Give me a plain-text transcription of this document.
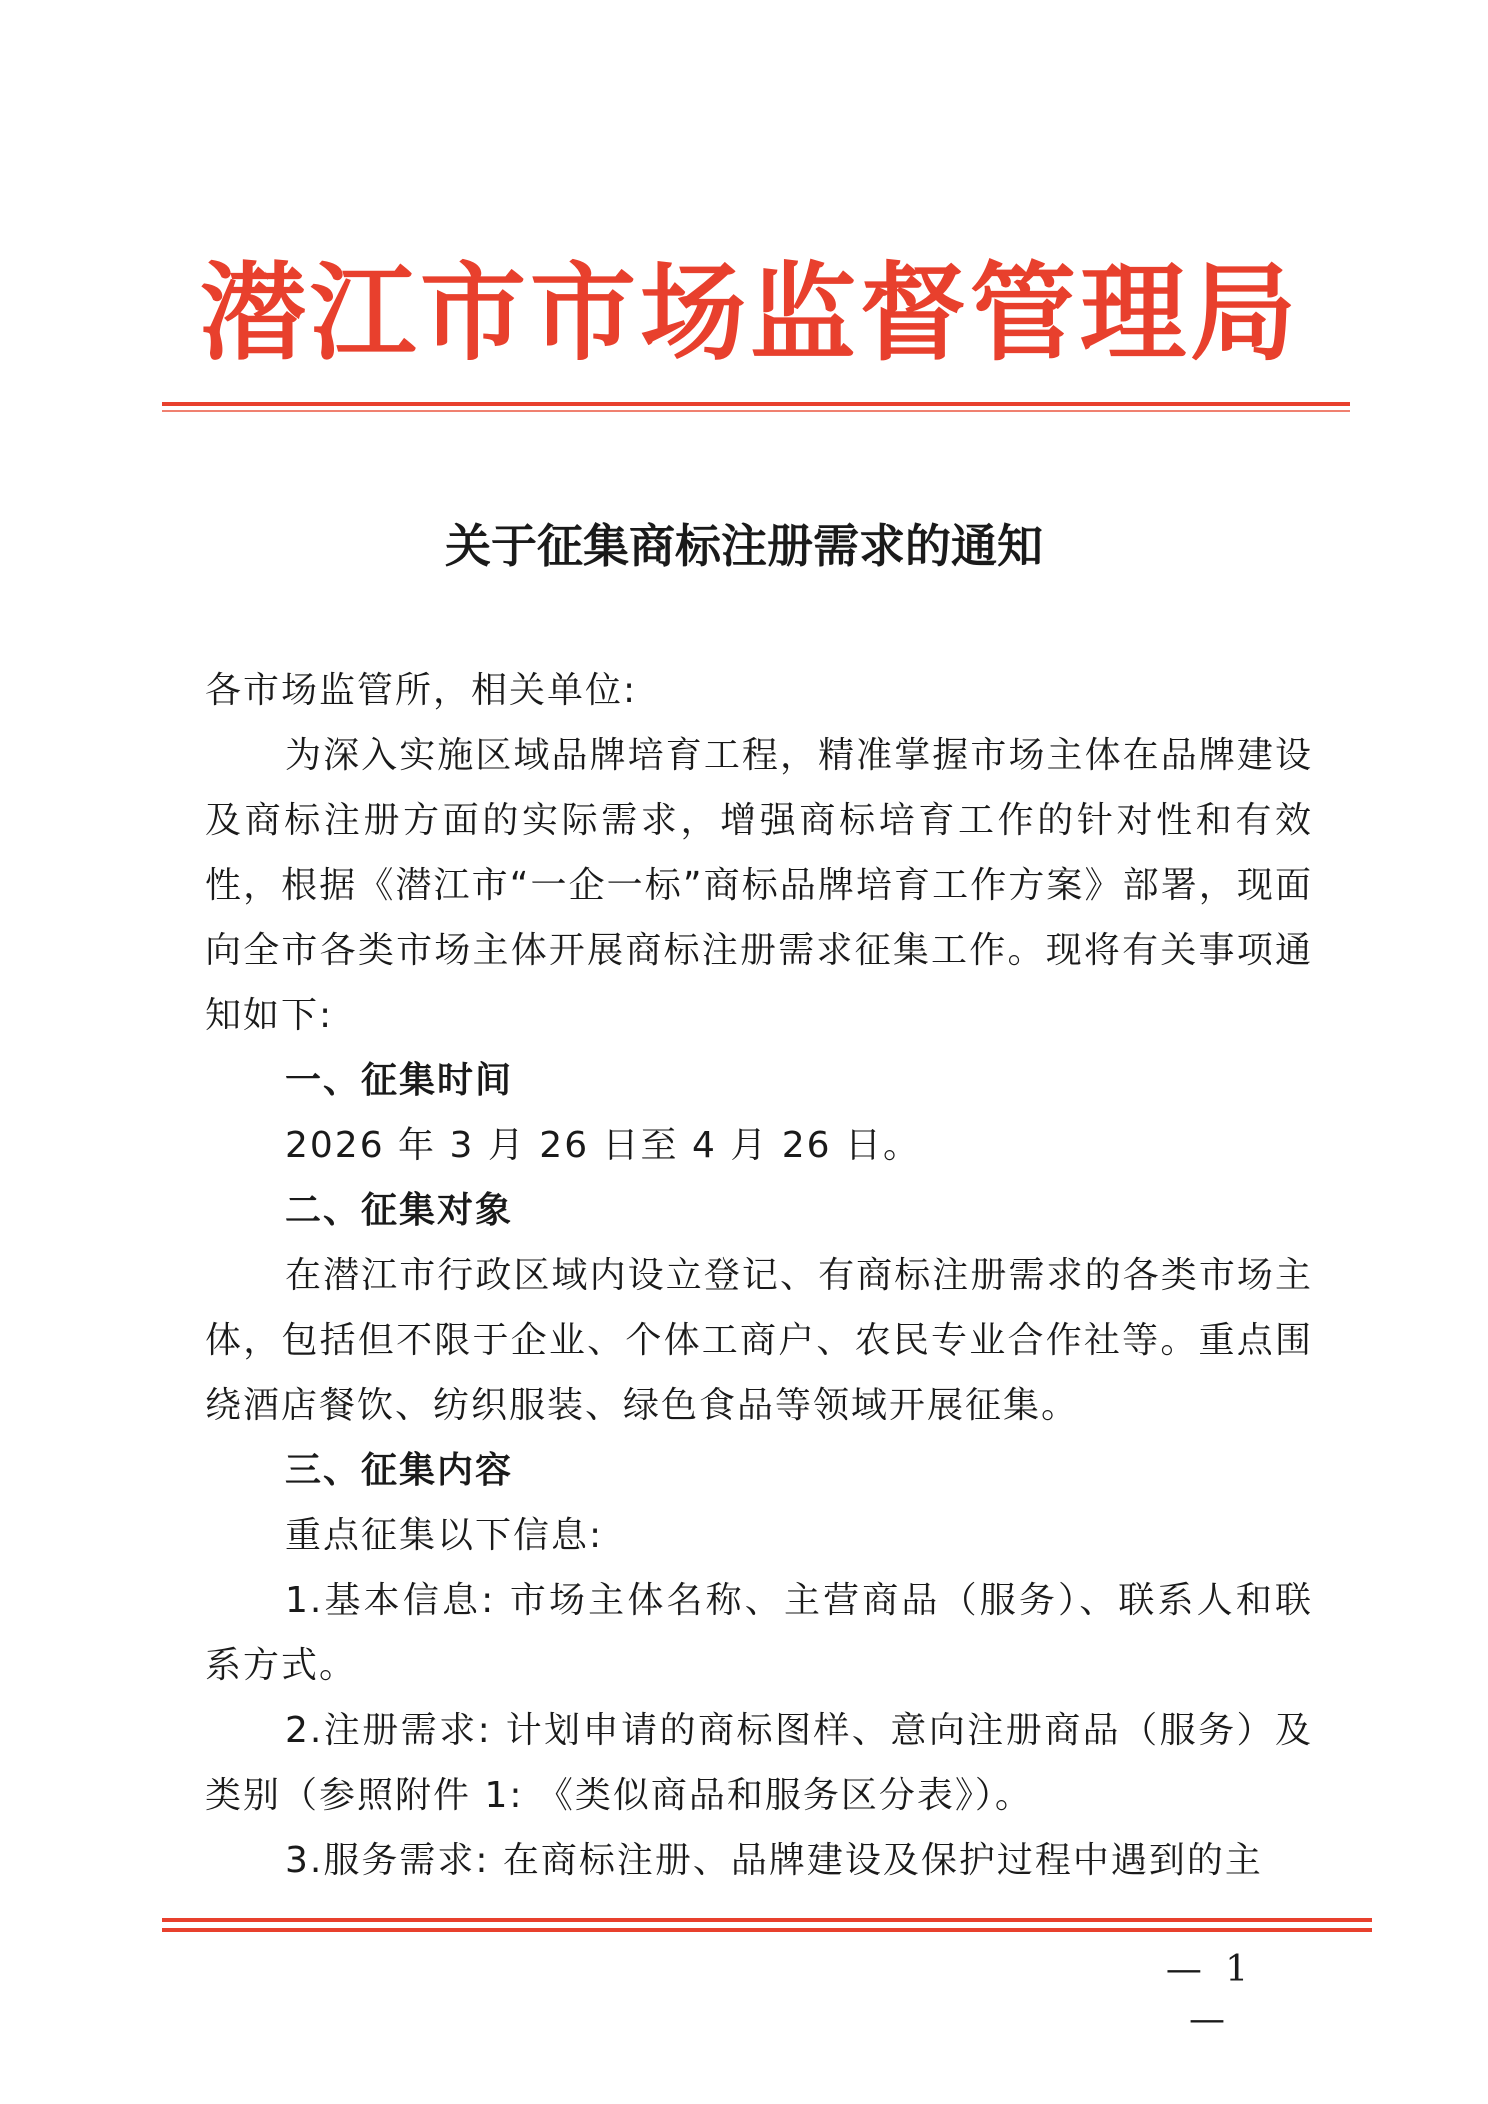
潜江市市场监督管理局
关于征集商标注册需求的通知

各市场监管所，相关单位:

为深入实施区域品牌培育工程，精准掌握市场主体在品牌建设及商标注册方面的实际需求，增强商标培育工作的针对性和有效性，根据《潜江市“一企一标”商标品牌培育工作方案》部署，现面向全市各类市场主体开展商标注册需求征集工作。现将有关事项通知如下:

一、征集时间

2026 年 3 月 26 日至 4 月 26 日。

二、征集对象

在潜江市行政区域内设立登记、有商标注册需求的各类市场主体，包括但不限于企业、个体工商户、农民专业合作社等。重点围绕酒店餐饮、纺织服装、绿色食品等领域开展征集。

三、征集内容

重点征集以下信息:

1.基本信息: 市场主体名称、主营商品（服务）、联系人和联系方式。

2.注册需求: 计划申请的商标图样、意向注册商品（服务）及类别（参照附件 1: 《类似商品和服务区分表》）。

3.服务需求: 在商标注册、品牌建设及保护过程中遇到的主

— 1 —
